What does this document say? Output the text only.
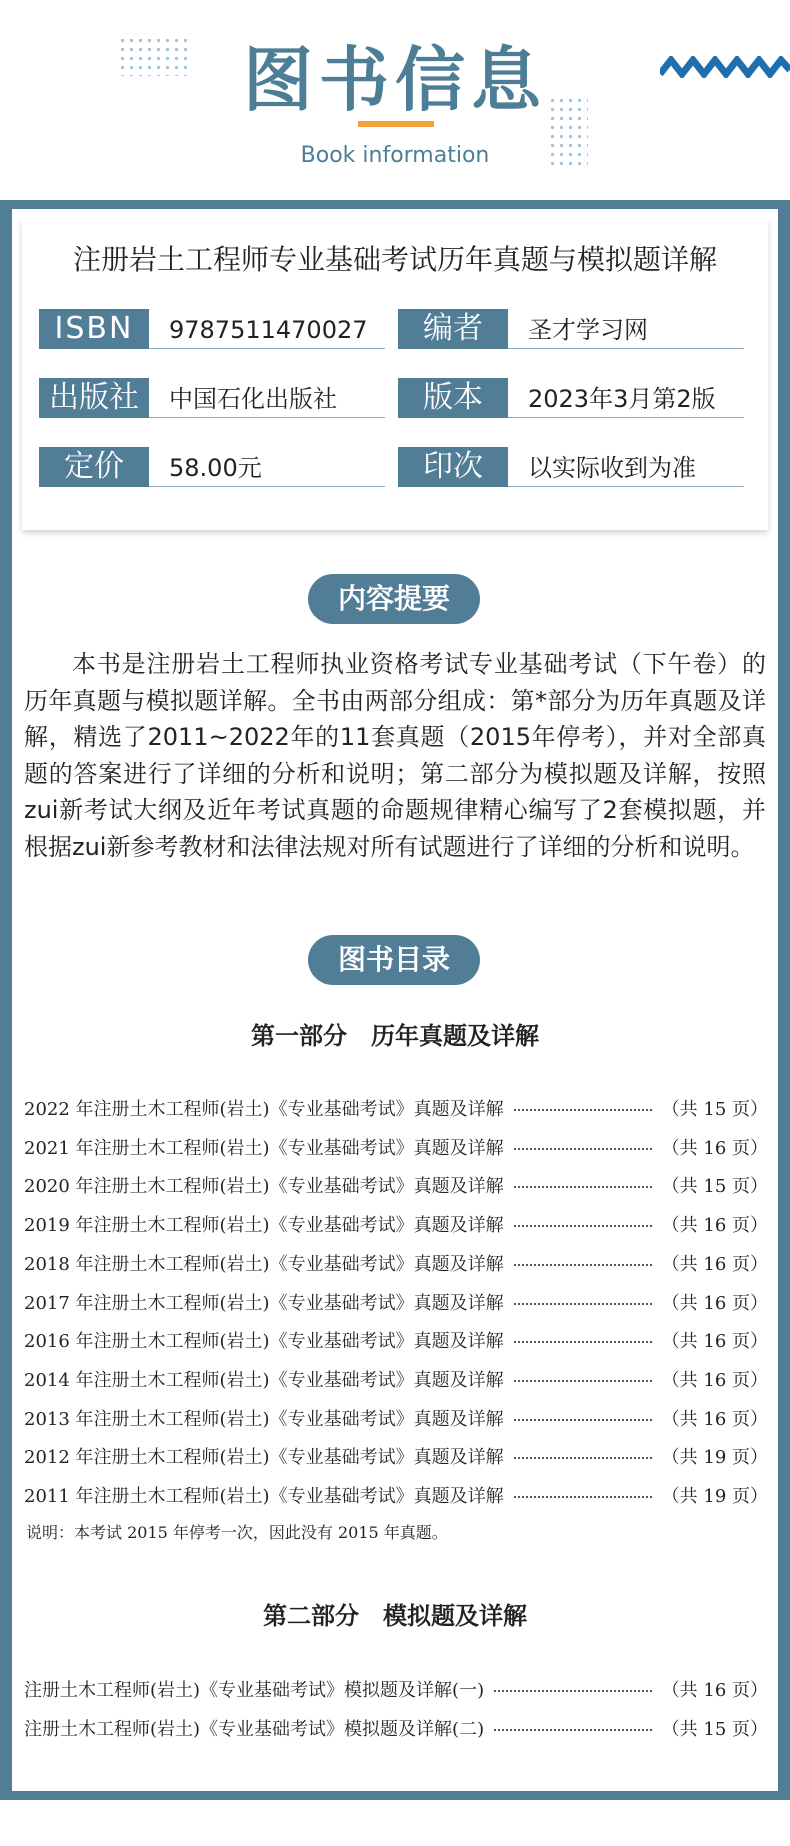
图书信息
Book information
注册岩土工程师专业基础考试历年真题与模拟题详解
ISBN	9787511470027	编者	圣才学习网
出版社	中国石化出版社	版本	2023年3月第2版
定价	58.00元	印次	以实际收到为准
内容提要
本书是注册岩土工程师执业资格考试专业基础考试（下午卷）的历年真题与模拟题详解。全书由两部分组成：第*部分为历年真题及详解，精选了2011~2022年的11套真题（2015年停考），并对全部真题的答案进行了详细的分析和说明；第二部分为模拟题及详解，按照zui新考试大纲及近年考试真题的命题规律精心编写了2套模拟题，并根据zui新参考教材和法律法规对所有试题进行了详细的分析和说明。
图书目录
第一部分　历年真题及详解
2022 年注册土木工程师(岩土)《专业基础考试》真题及详解	（共 15 页）
2021 年注册土木工程师(岩土)《专业基础考试》真题及详解	（共 16 页）
2020 年注册土木工程师(岩土)《专业基础考试》真题及详解	（共 15 页）
2019 年注册土木工程师(岩土)《专业基础考试》真题及详解	（共 16 页）
2018 年注册土木工程师(岩土)《专业基础考试》真题及详解	（共 16 页）
2017 年注册土木工程师(岩土)《专业基础考试》真题及详解	（共 16 页）
2016 年注册土木工程师(岩土)《专业基础考试》真题及详解	（共 16 页）
2014 年注册土木工程师(岩土)《专业基础考试》真题及详解	（共 16 页）
2013 年注册土木工程师(岩土)《专业基础考试》真题及详解	（共 16 页）
2012 年注册土木工程师(岩土)《专业基础考试》真题及详解	（共 19 页）
2011 年注册土木工程师(岩土)《专业基础考试》真题及详解	（共 19 页）
说明：本考试 2015 年停考一次，因此没有 2015 年真题。
第二部分　模拟题及详解
注册土木工程师(岩土)《专业基础考试》模拟题及详解(一)	（共 16 页）
注册土木工程师(岩土)《专业基础考试》模拟题及详解(二)	（共 15 页）
